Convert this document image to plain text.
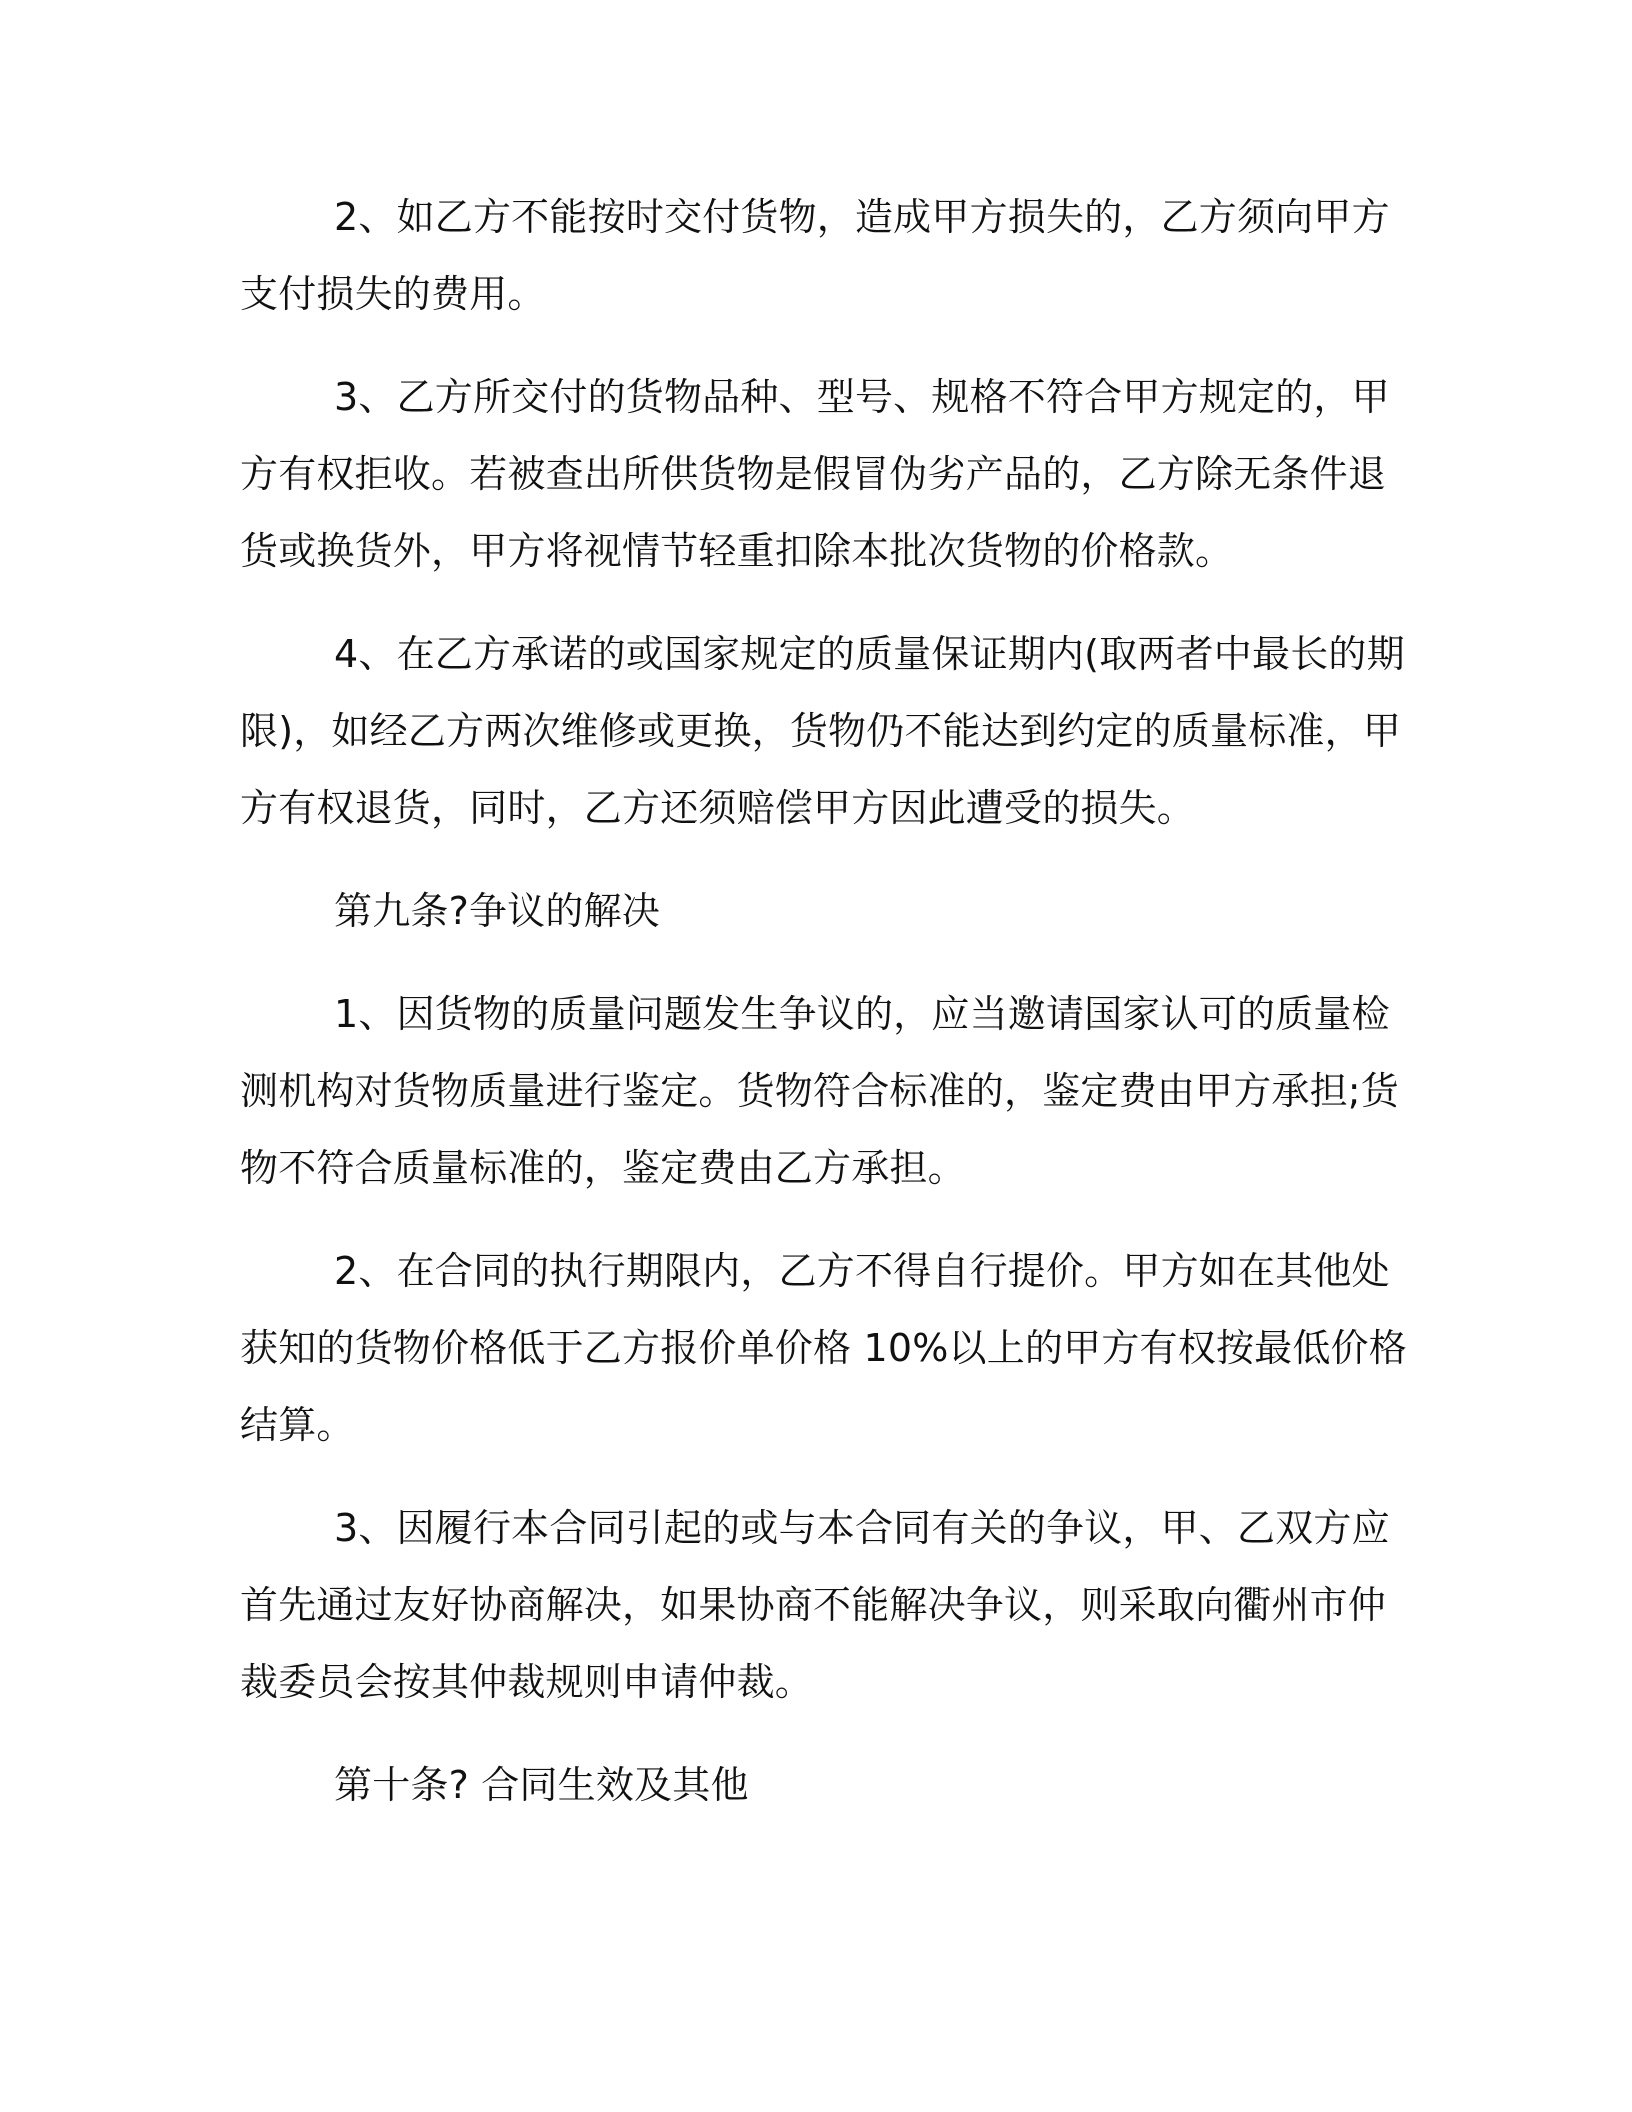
2、如乙方不能按时交付货物，造成甲方损失的，乙方须向甲方
支付损失的费用。
3、乙方所交付的货物品种、型号、规格不符合甲方规定的，甲
方有权拒收。若被查出所供货物是假冒伪劣产品的，乙方除无条件退
货或换货外，甲方将视情节轻重扣除本批次货物的价格款。
4、在乙方承诺的或国家规定的质量保证期内(取两者中最长的期
限)，如经乙方两次维修或更换，货物仍不能达到约定的质量标准，甲
方有权退货，同时，乙方还须赔偿甲方因此遭受的损失。
第九条?争议的解决
1、因货物的质量问题发生争议的，应当邀请国家认可的质量检
测机构对货物质量进行鉴定。货物符合标准的，鉴定费由甲方承担;货
物不符合质量标准的，鉴定费由乙方承担。
2、在合同的执行期限内，乙方不得自行提价。甲方如在其他处
获知的货物价格低于乙方报价单价格 10%以上的甲方有权按最低价格
结算。
3、因履行本合同引起的或与本合同有关的争议，甲、乙双方应
首先通过友好协商解决，如果协商不能解决争议，则采取向衢州市仲
裁委员会按其仲裁规则申请仲裁。
第十条? 合同生效及其他
